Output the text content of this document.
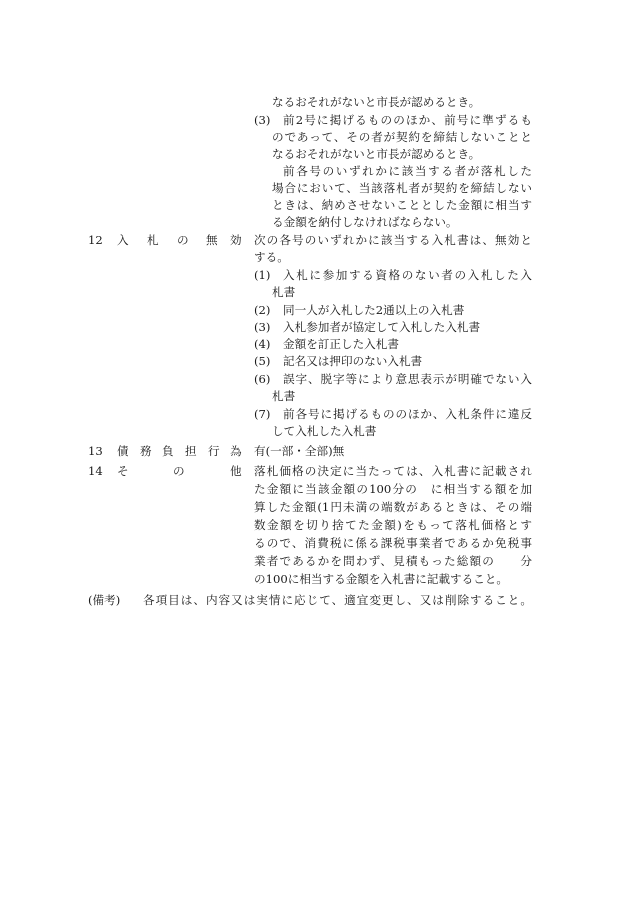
なるおそれがないと市長が認めるとき。
(3) 前2号に掲げるもののほか、前号に準ずるも
のであって、その者が契約を締結しないことと
なるおそれがないと市長が認めるとき。
前各号のいずれかに該当する者が落札した
場合において、当該落札者が契約を締結しない
ときは、納めさせないこととした金額に相当す
る金額を納付しなければならない。
12 入 札 の 無 効 次の各号のいずれかに該当する入札書は、無効と
する。
(1) 入札に参加する資格のない者の入札した入
札書
(2) 同一人が入札した2通以上の入札書
(3) 入札参加者が協定して入札した入札書
(4) 金額を訂正した入札書
(5) 記名又は押印のない入札書
(6) 誤字、脱字等により意思表示が明確でない入
札書
(7) 前各号に掲げるもののほか、入札条件に違反
して入札した入札書
13 債 務 負 担 行 為 有(一部・全部)無
14 そ	の	他 落札価格の決定に当たっては、入札書に記載され
た金額に当該金額の100分の　に相当する額を加
算した金額(1円未満の端数があるときは、その端
数金額を切り捨てた金額)をもって落札価格とす
るので、消費税に係る課税事業者であるか免税事
業者であるかを問わず、見積もった総額の　　分
の100に相当する金額を入札書に記載すること。
(備考) 各項目は、内容又は実情に応じて、適宜変更し、又は削除すること。
